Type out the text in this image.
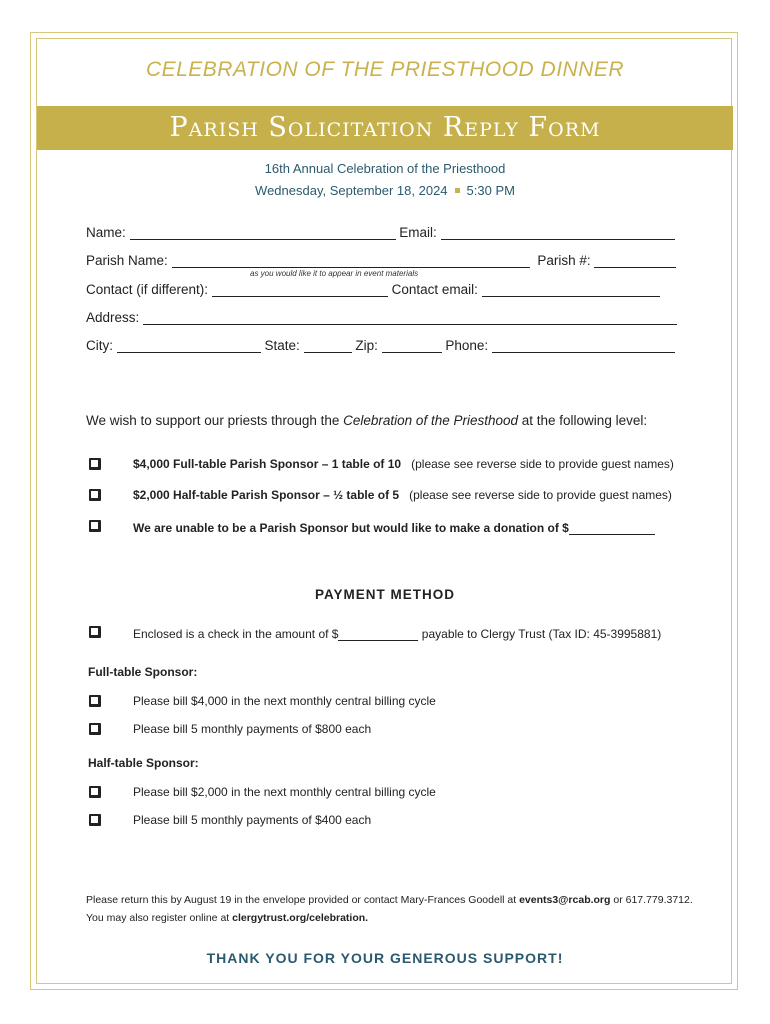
CELEBRATION OF THE PRIESTHOOD DINNER
Parish Solicitation Reply Form
16th Annual Celebration of the Priesthood
Wednesday, September 18, 2024 5:30 PM
Name:	Email:
Parish Name:	Parish #:
as you would like it to appear in event materials
Contact (if different):	Contact email:
Address:
City:	State:	Zip:	Phone:
We wish to support our priests through the Celebration of the Priesthood at the following level:
$4,000 Full-table Parish Sponsor – 1 table of 10 (please see reverse side to provide guest names)
$2,000 Half-table Parish Sponsor – ½ table of 5 (please see reverse side to provide guest names)
We are unable to be a Parish Sponsor but would like to make a donation of $
PAYMENT METHOD
Enclosed is a check in the amount of $	payable to Clergy Trust (Tax ID: 45-3995881)
Full-table Sponsor:
Please bill $4,000 in the next monthly central billing cycle
Please bill 5 monthly payments of $800 each
Half-table Sponsor:
Please bill $2,000 in the next monthly central billing cycle
Please bill 5 monthly payments of $400 each
Please return this by August 19 in the envelope provided or contact Mary-Frances Goodell at events3@rcab.org or 617.779.3712. You may also register online at clergytrust.org/celebration.
THANK YOU FOR YOUR GENEROUS SUPPORT!
